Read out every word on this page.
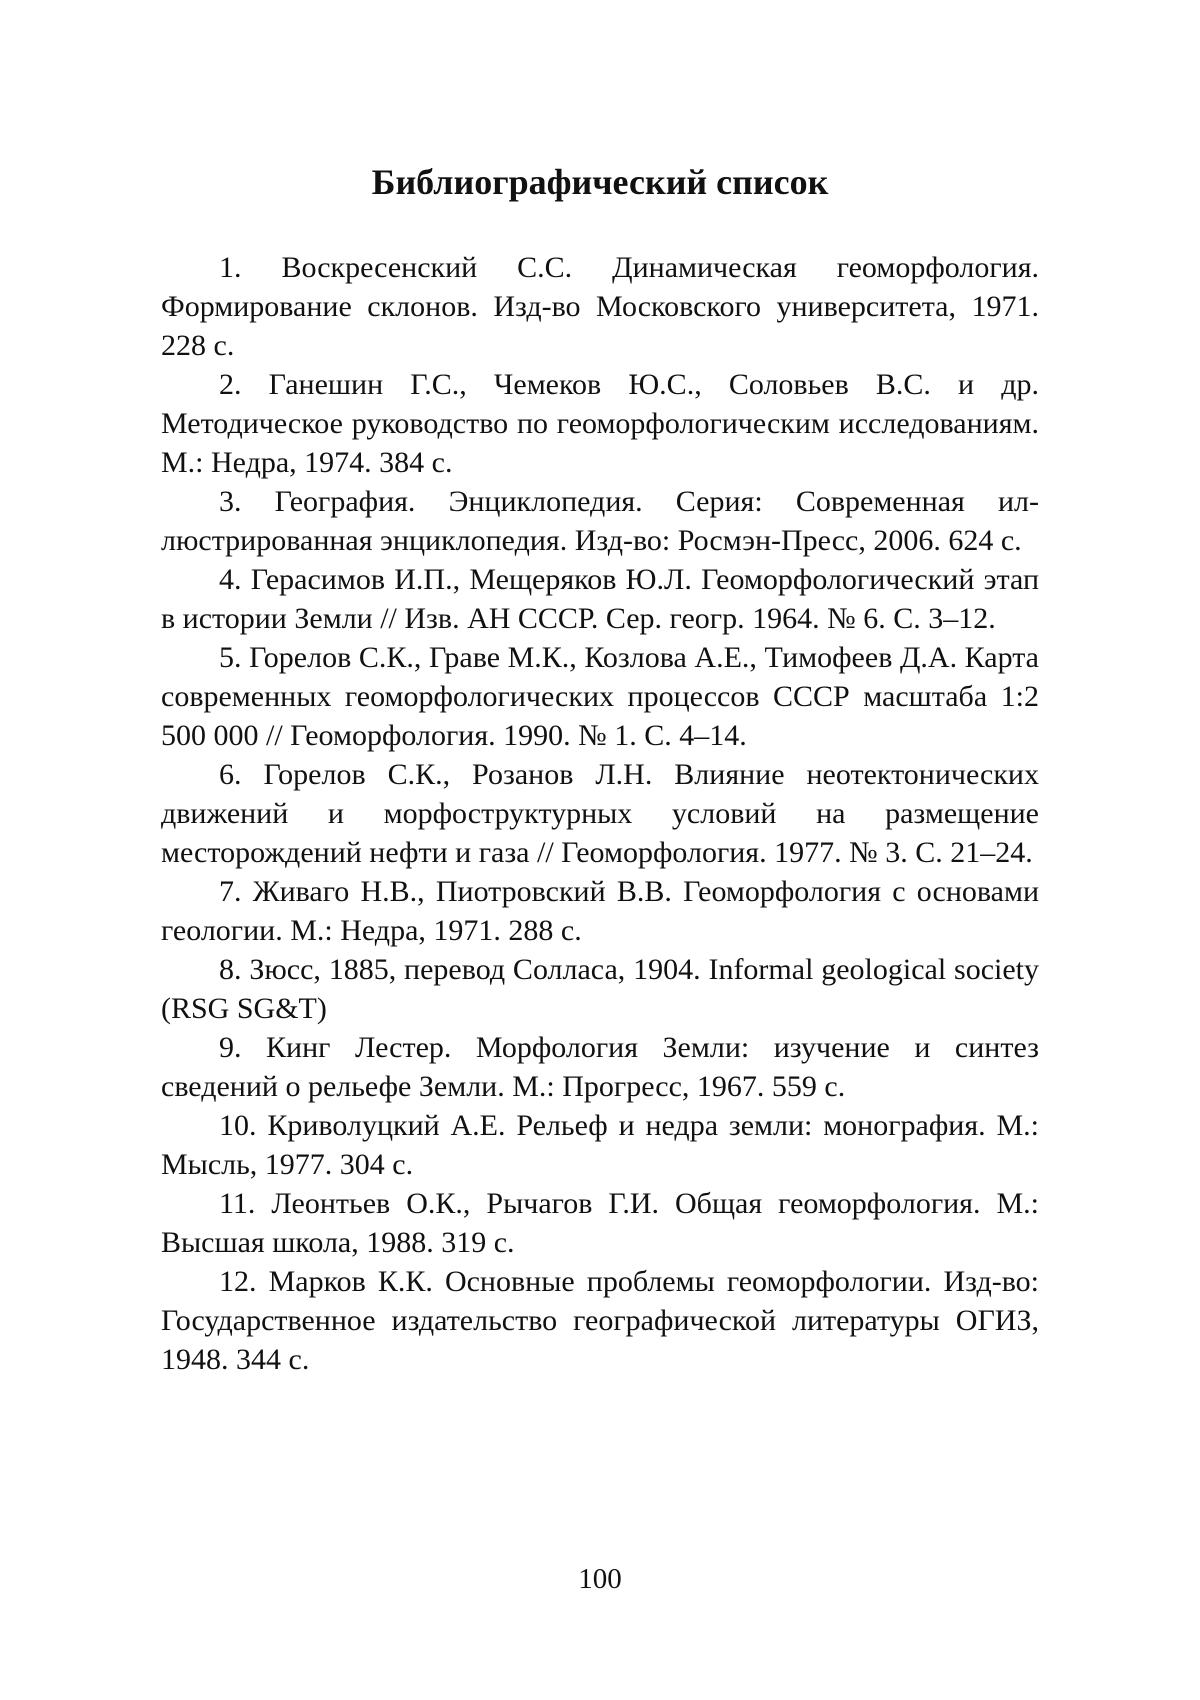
Библиографический список
1. Воскресенский С.С. Динамическая геоморфология. Формирование склонов. Изд-во Московского университета, 1971. 228 с.
2. Ганешин Г.С., Чемеков Ю.С., Соловьев В.С. и др. Методическое руководство по геоморфологическим исследованиям. М.: Недра, 1974. 384 с.
3. География. Энциклопедия. Серия: Современная иллюстрированная энциклопедия. Изд-во: Росмэн-Пресс, 2006. 624 с.
4. Герасимов И.П., Мещеряков Ю.Л. Геоморфологический этап в истории Земли // Изв. АН СССР. Сер. геогр. 1964. № 6. С. 3–12.
5. Горелов С.К., Граве М.К., Козлова А.Е., Тимофеев Д.А. Карта современных геоморфологических процессов СССР масштаба 1:2 500 000 // Геоморфология. 1990. № 1. С. 4–14.
6. Горелов С.К., Розанов Л.Н. Влияние неотектонических движений и морфоструктурных условий на размещение месторождений нефти и газа // Геоморфология. 1977. № 3. С. 21–24.
7. Живаго Н.В., Пиотровский В.В. Геоморфология с основами геологии. М.: Недра, 1971. 288 с.
8. Зюсс, 1885, перевод Солласа, 1904. Informal geological society (RSG SG&T)
9. Кинг Лестер. Морфология Земли: изучение и синтез сведений о рельефе Земли. М.: Прогресс, 1967. 559 с.
10. Криволуцкий А.Е. Рельеф и недра земли: монография. М.: Мысль, 1977. 304 с.
11. Леонтьев О.К., Рычагов Г.И. Общая геоморфология. М.: Высшая школа, 1988. 319 с.
12. Марков К.К. Основные проблемы геоморфологии. Изд-во: Государственное издательство географической литературы ОГИЗ, 1948. 344 с.
100
